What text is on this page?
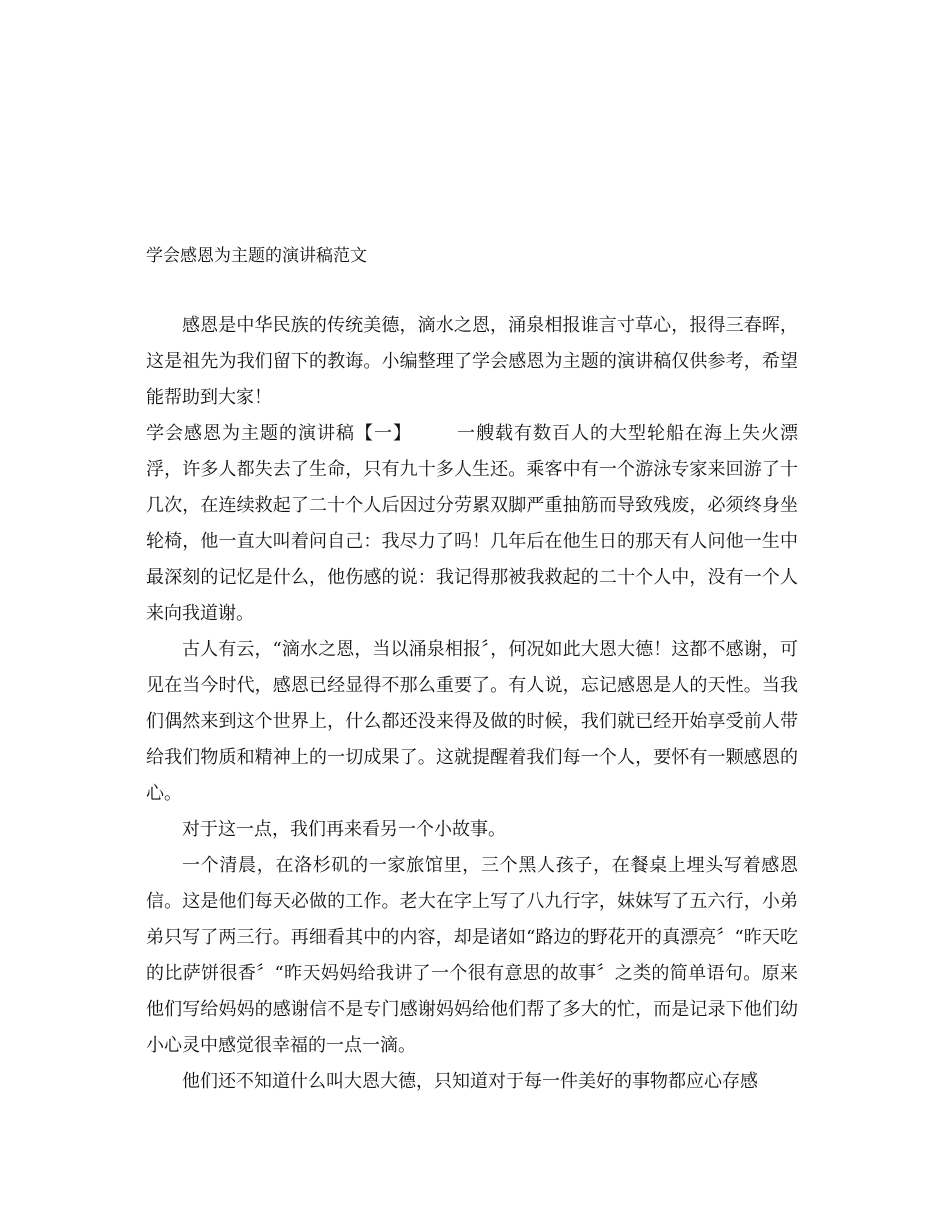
学会感恩为主题的演讲稿范文

感恩是中华民族的传统美德，滴水之恩，涌泉相报谁言寸草心，报得三春晖，这是祖先为我们留下的教诲。小编整理了学会感恩为主题的演讲稿仅供参考，希望能帮助到大家！

学会感恩为主题的演讲稿【一】 一艘载有数百人的大型轮船在海上失火漂浮，许多人都失去了生命，只有九十多人生还。乘客中有一个游泳专家来回游了十几次，在连续救起了二十个人后因过分劳累双脚严重抽筋而导致残废，必须终身坐轮椅，他一直大叫着问自己：我尽力了吗！几年后在他生日的那天有人问他一生中最深刻的记忆是什么，他伤感的说：我记得那被我救起的二十个人中，没有一个人来向我道谢。

古人有云，“滴水之恩，当以涌泉相报〞，何况如此大恩大德！这都不感谢，可见在当今时代，感恩已经显得不那么重要了。有人说，忘记感恩是人的天性。当我们偶然来到这个世界上，什么都还没来得及做的时候，我们就已经开始享受前人带给我们物质和精神上的一切成果了。这就提醒着我们每一个人，要怀有一颗感恩的心。

对于这一点，我们再来看另一个小故事。

一个清晨，在洛杉矶的一家旅馆里，三个黑人孩子，在餐桌上埋头写着感恩信。这是他们每天必做的工作。老大在字上写了八九行字，妹妹写了五六行，小弟弟只写了两三行。再细看其中的内容，却是诸如“路边的野花开的真漂亮〞“昨天吃的比萨饼很香〞“昨天妈妈给我讲了一个很有意思的故事〞之类的简单语句。原来他们写给妈妈的感谢信不是专门感谢妈妈给他们帮了多大的忙，而是记录下他们幼小心灵中感觉很幸福的一点一滴。

他们还不知道什么叫大恩大德，只知道对于每一件美好的事物都应心存感
